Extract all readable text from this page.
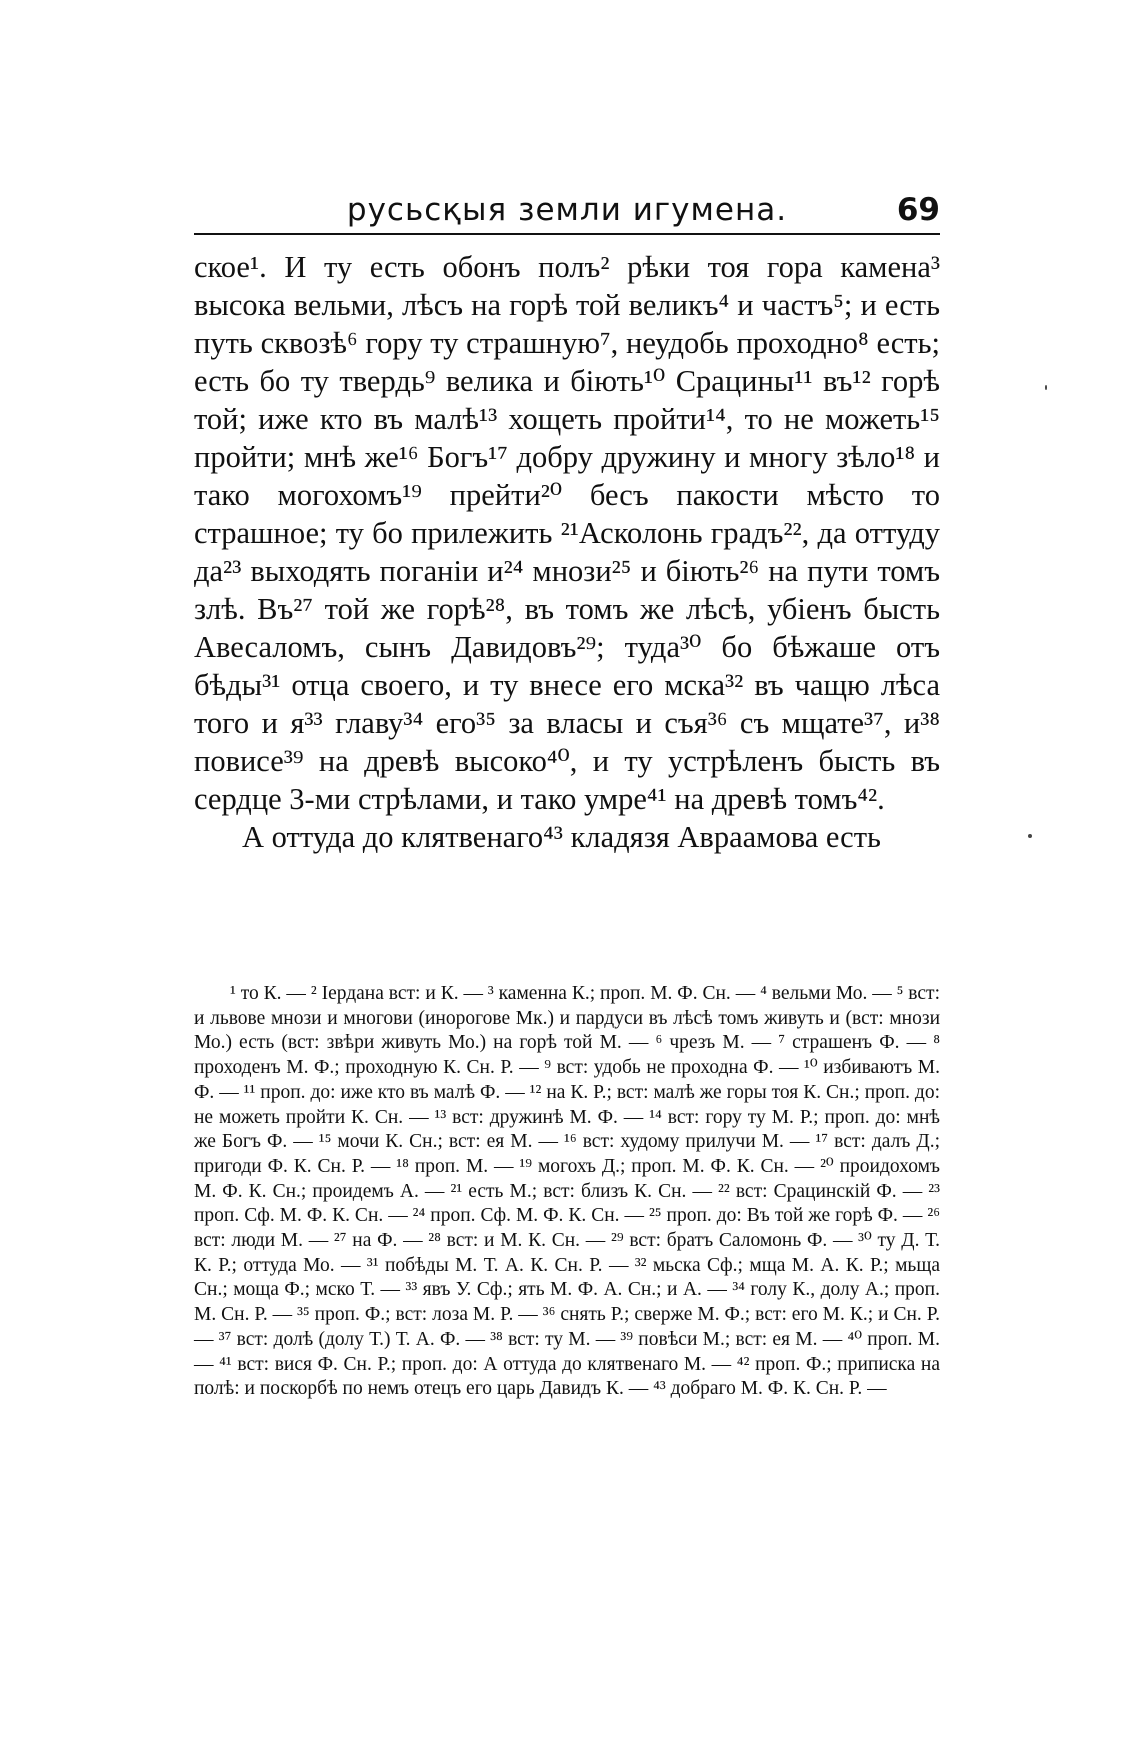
русьсқыя земли игумена.	69

ское¹. И ту есть обонъ полъ² рѣки тоя гора камена³ высока вельми, лѣсъ на горѣ той великъ⁴ и частъ⁵; и есть путь сквозѣ⁶ гору ту страшную⁷, неудобь проходно⁸ есть; есть бо ту твердь⁹ велика и біють¹⁰ Срацины¹¹ въ¹² горѣ той; иже кто въ малѣ¹³ хощеть пройти¹⁴, то не можеть¹⁵ пройти; мнѣ же¹⁶ Богъ¹⁷ добру дружину и многу зѣло¹⁸ и тако могохомъ¹⁹ прейти²⁰ бесъ пакости мѣсто то страшное; ту бо прилежить ²¹Асколонь градъ²², да оттуду да²³ выходять поганіи и²⁴ мнози²⁵ и біють²⁶ на пути томъ злѣ. Въ²⁷ той же горѣ²⁸, въ томъ же лѣсѣ, убіенъ бысть Авесаломъ, сынъ Давидовъ²⁹; туда³⁰ бо бѣжаше отъ бѣды³¹ отца своего, и ту внесе его мска³² въ чащю лѣса того и я³³ главу³⁴ его³⁵ за власы и съя³⁶ съ мщате³⁷, и³⁸ повисе³⁹ на древѣ высоко⁴⁰, и ту устрѣленъ бысть въ сердце 3-ми стрѣлами, и тако умре⁴¹ на древѣ томъ⁴².

А оттуда до клятвенаго⁴³ кладязя Авраамова есть

¹ то К. — ² Іердана вст: и К. — ³ каменна К.; проп. М. Ф. Сн. — ⁴ вельми Мо. — ⁵ вст: и львове мнози и многови (инорогове Мк.) и пардуси въ лѣсѣ томъ живуть и (вст: мнози Мо.) есть (вст: звѣри живуть Мо.) на горѣ той М. — ⁶ чрезъ М. — ⁷ страшенъ Ф. — ⁸ проходенъ М. Ф.; проходную К. Сн. Р. — ⁹ вст: удобь не проходна Ф. — ¹⁰ избиваютъ М. Ф. — ¹¹ проп. до: иже кто въ малѣ Ф. — ¹² на К. Р.; вст: малѣ же горы тоя К. Сн.; проп. до: не можеть пройти К. Сн. — ¹³ вст: дружинѣ М. Ф. — ¹⁴ вст: гору ту М. Р.; проп. до: мнѣ же Богъ Ф. — ¹⁵ мочи К. Сн.; вст: ея М. — ¹⁶ вст: худому прилучи М. — ¹⁷ вст: далъ Д.; пригоди Ф. К. Сн. Р. — ¹⁸ проп. М. — ¹⁹ могохъ Д.; проп. М. Ф. К. Сн. — ²⁰ проидохомъ М. Ф. К. Сн.; проидемъ А. — ²¹ есть М.; вст: близъ К. Сн. — ²² вст: Срацинскій Ф. — ²³ проп. Сф. М. Ф. К. Сн. — ²⁴ проп. Сф. М. Ф. К. Сн. — ²⁵ проп. до: Въ той же горѣ Ф. — ²⁶ вст: люди М. — ²⁷ на Ф. — ²⁸ вст: и М. К. Сн. — ²⁹ вст: братъ Саломонь Ф. — ³⁰ ту Д. Т. К. Р.; оттуда Мо. — ³¹ побѣды М. Т. А. К. Сн. Р. — ³² мьска Сф.; мща М. А. К. Р.; мьща Сн.; моща Ф.; мско Т. — ³³ явъ У. Сф.; ять М. Ф. А. Сн.; и А. — ³⁴ голу К., долу А.; проп. М. Сн. Р. — ³⁵ проп. Ф.; вст: лоза М. Р. — ³⁶ снять Р.; сверже М. Ф.; вст: его М. К.; и Сн. Р. — ³⁷ вст: долѣ (долу Т.) Т. А. Ф. — ³⁸ вст: ту М. — ³⁹ повѣси М.; вст: ея М. — ⁴⁰ проп. М. — ⁴¹ вст: вися Ф. Сн. Р.; проп. до: А оттуда до клятвенаго М. — ⁴² проп. Ф.; приписка на полѣ: и поскорбѣ по немъ отецъ его царь Давидъ К. — ⁴³ добраго М. Ф. К. Сн. Р. —
